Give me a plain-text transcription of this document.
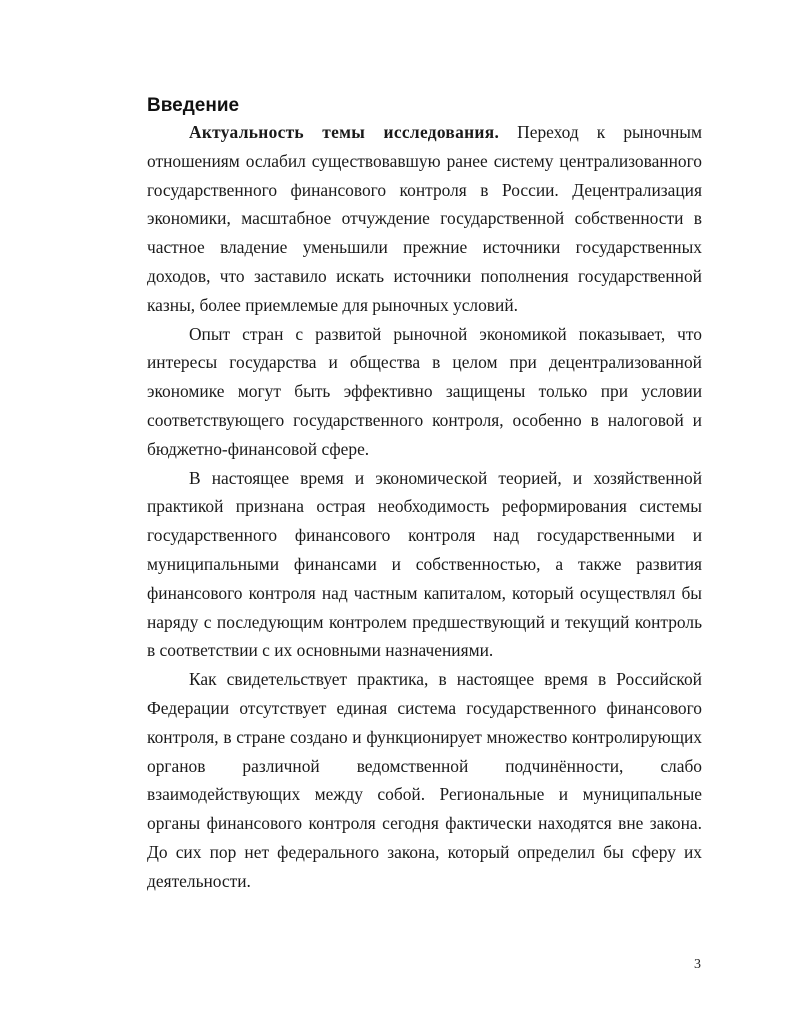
Введение

Актуальность темы исследования. Переход к рыночным отношениям ослабил существовавшую ранее систему централизованного государственного финансового контроля в России. Децентрализация экономики, масштабное отчуждение государственной собственности в частное владение уменьшили прежние источники государственных доходов, что заставило искать источники пополнения государственной казны, более приемлемые для рыночных условий.

Опыт стран с развитой рыночной экономикой показывает, что интересы государства и общества в целом при децентрализованной экономике могут быть эффективно защищены только при условии соответствующего государственного контроля, особенно в налоговой и бюджетно-финансовой сфере.

В настоящее время и экономической теорией, и хозяйственной практикой признана острая необходимость реформирования системы государственного финансового контроля над государственными и муниципальными финансами и собственностью, а также развития финансового контроля над частным капиталом, который осуществлял бы наряду с последующим контролем предшествующий и текущий контроль в соответствии с их основными назначениями.

Как свидетельствует практика, в настоящее время в Российской Федерации отсутствует единая система государственного финансового контроля, в стране создано и функционирует множество контролирующих органов различной ведомственной подчинённости, слабо взаимодействующих между собой. Региональные и муниципальные органы финансового контроля сегодня фактически находятся вне закона. До сих пор нет федерального закона, который определил бы сферу их деятельности.

3
